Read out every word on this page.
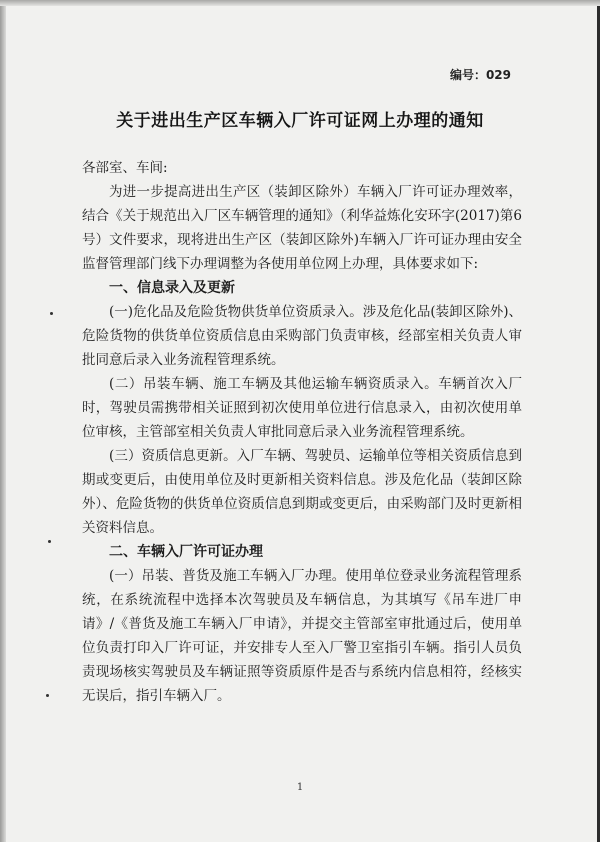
编号：029
关于进出生产区车辆入厂许可证网上办理的通知

各部室、车间:

为进一步提高进出生产区（装卸区除外）车辆入厂许可证办理效率，结合《关于规范出入厂区车辆管理的通知》（利华益炼化安环字(2017)第6号）文件要求，现将进出生产区（装卸区除外)车辆入厂许可证办理由安全监督管理部门线下办理调整为各使用单位网上办理，具体要求如下:

一、信息录入及更新

(一)危化品及危险货物供货单位资质录入。涉及危化品(装卸区除外)、危险货物的供货单位资质信息由采购部门负责审核，经部室相关负责人审批同意后录入业务流程管理系统。

(二）吊装车辆、施工车辆及其他运输车辆资质录入。车辆首次入厂时，驾驶员需携带相关证照到初次使用单位进行信息录入，由初次使用单位审核，主管部室相关负责人审批同意后录入业务流程管理系统。

(三）资质信息更新。入厂车辆、驾驶员、运输单位等相关资质信息到期或变更后，由使用单位及时更新相关资料信息。涉及危化品（装卸区除外）、危险货物的供货单位资质信息到期或变更后，由采购部门及时更新相关资料信息。

二、车辆入厂许可证办理

(一）吊装、普货及施工车辆入厂办理。使用单位登录业务流程管理系统，在系统流程中选择本次驾驶员及车辆信息，为其填写《吊车进厂申请》/《普货及施工车辆入厂申请》，并提交主管部室审批通过后，使用单位负责打印入厂许可证，并安排专人至入厂警卫室指引车辆。指引人员负责现场核实驾驶员及车辆证照等资质原件是否与系统内信息相符，经核实无误后，指引车辆入厂。

1
